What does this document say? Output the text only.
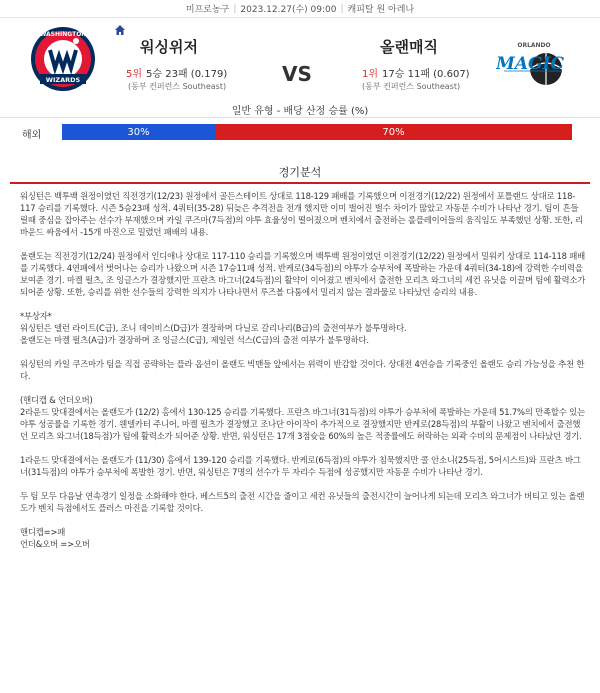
미프로농구 | 2023.12.27(수) 09:00 | 캐피탈 원 아레나
WASHINGTON
WIZARDS
워싱위저
5위 5승 23패 (0.179)
(동부 컨퍼런스 Southeast)
VS
올랜매직
1위 17승 11패 (0.607)
(동부 컨퍼런스 Southeast)
ORLANDO
MAGIC
일반 유형 - 배당 산정 승률 (%)
해외	30%	70%
경기분석

워싱턴은 백투백 원정이였던 직전경기(12/23) 원정에서 골든스테이트 상대로 118-129 패배를 기록했으며 이전경기(12/22) 원정에서 포틀랜드 상대로 118-117 승리를 기록했다. 시즌 5승23패 성적. 4쿼터(35-28) 뒤늦은 추격전을 전개 했지만 이미 벌어진 벌수 차이가 많았고 자동문 수비가 나타난 경기. 팀이 흔들릴때 중심을 잡아주는 선수가 부재했으며 카일 쿠즈마(7득점)의 야투 효율성이 떨어졌으며 벤치에서 출전하는 롤플레이어들의 움직임도 부족했던 상황. 또한, 리바운드 싸움에서 -15개 마진으로 밀렸던 패배의 내용.

올랜도는 직전경기(12/24) 원정에서 인디애나 상대로 117-110 승리를 기록했으며 백투백 원정이였던 이전경기(12/22) 원정에서 밀워키 상대로 114-118 패배를 기록했다. 4연패에서 벗어나는 승리가 나왔으며 시즌 17승11패 성적. 반케로(34득점)의 야투가 승부처에 폭발하는 가운데 4쿼터(34-18)에 강력한 수비력을 보여준 경기. 마켈 펄츠, 조 잉글스가 결장했지만 프란츠 바그너(24득점)의 활약이 이어졌고 벤치에서 출전한 모리츠 와그너의 세컨 유닛을 이끌며 팀에 활력소가 되어준 상황. 또한, 승리를 위한 선수들의 강력한 의지가 나타나면서 루즈볼 다툼에서 밀리지 않는 결과물로 나타났던 승리의 내용.

*부상자*

워싱턴은 델런 라이트(C급), 조니 데이비스(D급)가 결장하며 다닐로 갈리나리(B급)의 출전여부가 불투명하다.

올랜도는 마켈 펄츠(A급)가 결장하며 조 잉글스(C급), 제일런 석스(C급)의 출전 여부가 불투명하다.

워싱턴의 카일 쿠즈마가 팀을 직접 공략하는 플라 옵션이 올랜도 빅맨들 앞에서는 위력이 반감할 것이다. 상대전 4연승을 기록중인 올랜도 승리 가능성을 추천 한다.

(핸디캡 & 언더오버)

2라운드 맞대결에서는 올랜도가 (12/2) 홈에서 130-125 승리를 기록했다. 프란츠 바그너(31득점)의 야투가 승부처에 폭발하는 가운데 51.7%의 만족할수 있는 야투 성공률을 기록한 경기. 웬델카터 주니어, 마켈 펄츠가 결장했고 조나단 아이작이 추가적으로 결장했지만 반케로(28득점)의 부활이 나왔고 벤치에서 출전했던 모리츠 와그너(18득점)가 팀에 활력소가 되어준 상황. 반면, 워싱턴은 17개 3점슛을 60%의 높은 적중률에도 허락하는 외곽 수비의 문제점이 나타났던 경기.

1라운드 맞대결에서는 올랜도가 (11/30) 홈에서 139-120 승리를 기록했다. 반케로(6득점)의 야투가 침묵했지만 콜 안소니(25득점, 5어시스트)와 프란츠 바그너(31득점)의 야투가 승부처에 폭발한 경기. 반면, 워싱턴은 7명의 선수가 두 자리수 득점에 성공했지만 자동문 수비가 나타난 경기.

두 팀 모두 다음날 연속경기 일정을 소화해야 한다. 베스트5의 출전 시간을 줄이고 세컨 유닛들의 출전시간이 늘어나게 되는데 모리츠 와그너가 버티고 있는 올랜도가 벤치 득점에서도 플러스 마진을 기록할 것이다.

핸디캡=>패

언더&오버 =>오버
